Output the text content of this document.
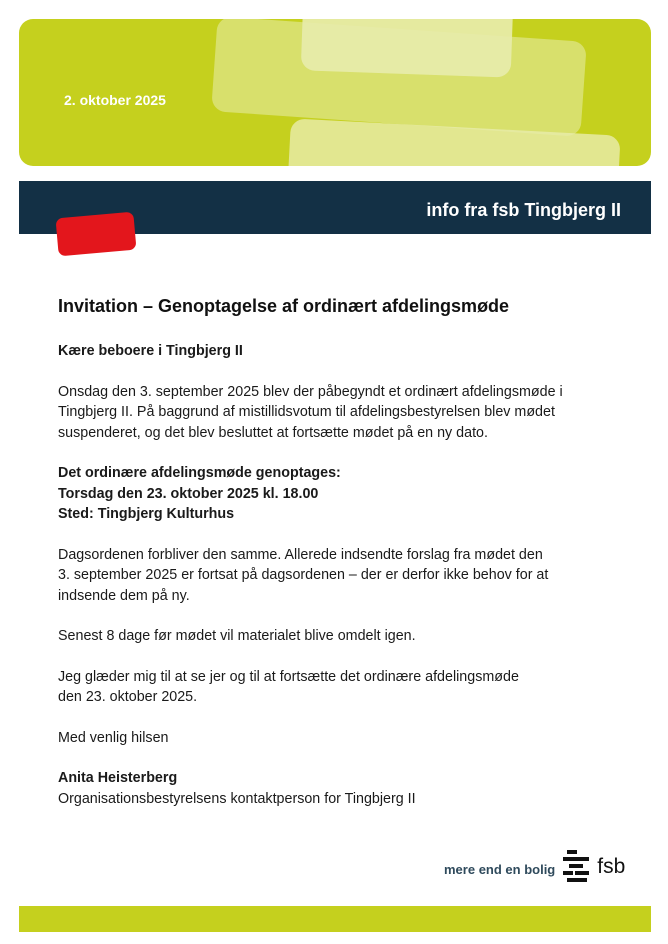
2. oktober 2025
info fra fsb Tingbjerg II
Invitation – Genoptagelse af ordinært afdelingsmøde

Kære beboere i Tingbjerg II

Onsdag den 3. september 2025 blev der påbegyndt et ordinært afdelingsmøde i
Tingbjerg II. På baggrund af mistillidsvotum til afdelingsbestyrelsen blev mødet
suspenderet, og det blev besluttet at fortsætte mødet på en ny dato.

Det ordinære afdelingsmøde genoptages:
Torsdag den 23. oktober 2025 kl. 18.00
Sted: Tingbjerg Kulturhus

Dagsordenen forbliver den samme. Allerede indsendte forslag fra mødet den
3. september 2025 er fortsat på dagsordenen – der er derfor ikke behov for at
indsende dem på ny.

Senest 8 dage før mødet vil materialet blive omdelt igen.

Jeg glæder mig til at se jer og til at fortsætte det ordinære afdelingsmøde
den 23. oktober 2025.

Med venlig hilsen

Anita Heisterberg
Organisationsbestyrelsens kontaktperson for Tingbjerg II

mere end en bolig fsb
